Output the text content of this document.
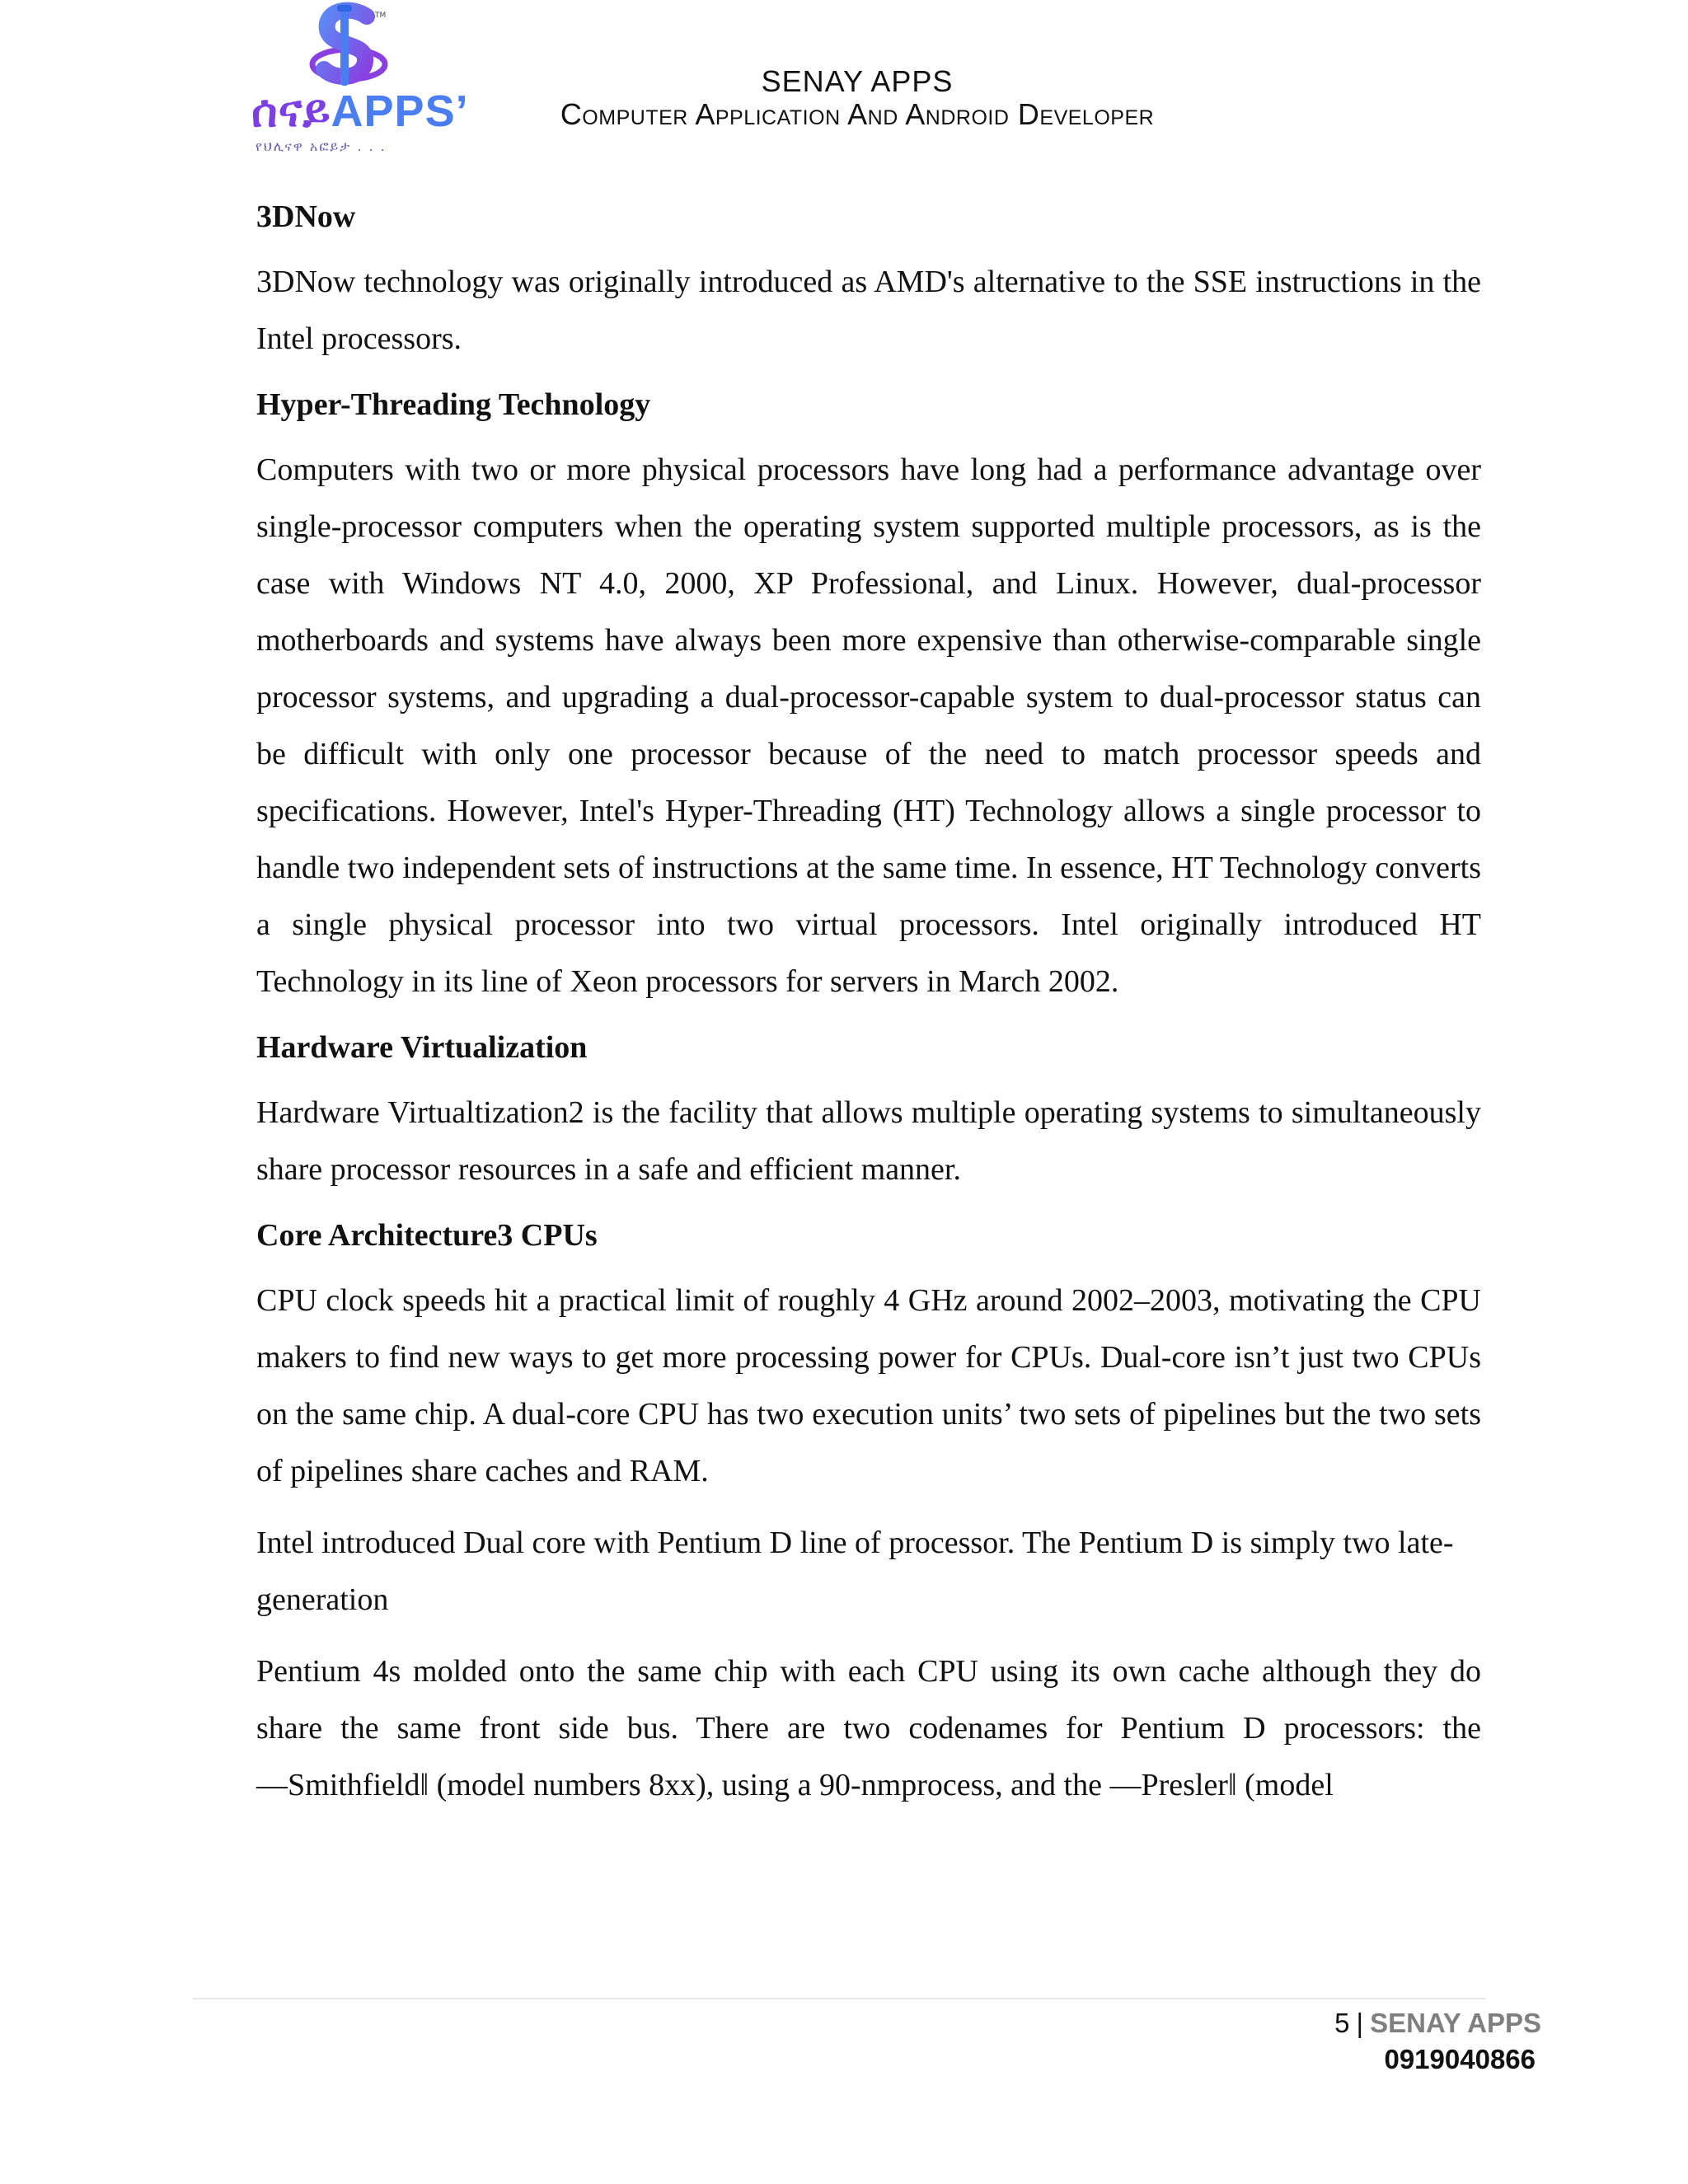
TM
ሰናይAPPS’
የህሊናዋ አፎይታ . . .
SENAY APPS
Computer Application And Android Developer
3DNow

3DNow technology was originally introduced as AMD's alternative to the SSE instructions in the Intel processors.

Hyper-Threading Technology

Computers with two or more physical processors have long had a performance advantage over single-processor computers when the operating system supported multiple processors, as is the case with Windows NT 4.0, 2000, XP Professional, and Linux. However, dual-processor motherboards and systems have always been more expensive than otherwise-comparable single processor systems, and upgrading a dual-processor-capable system to dual-processor status can be difficult with only one processor because of the need to match processor speeds and specifications. However, Intel's Hyper-Threading (HT) Technology allows a single processor to handle two independent sets of instructions at the same time. In essence, HT Technology converts a single physical processor into two virtual processors. Intel originally introduced HT Technology in its line of Xeon processors for servers in March 2002.

Hardware Virtualization

Hardware Virtualtization2 is the facility that allows multiple operating systems to simultaneously share processor resources in a safe and efficient manner.

Core Architecture3 CPUs

CPU clock speeds hit a practical limit of roughly 4 GHz around 2002–2003, motivating the CPU makers to find new ways to get more processing power for CPUs. Dual-core isn’t just two CPUs on the same chip. A dual-core CPU has two execution units’ two sets of pipelines but the two sets of pipelines share caches and RAM.

Intel introduced Dual core with Pentium D line of processor. The Pentium D is simply two late-generation

Pentium 4s molded onto the same chip with each CPU using its own cache although they do share the same front side bus. There are two codenames for Pentium D processors: the ―Smithfield‖ (model numbers 8xx), using a 90-nmprocess, and the ―Presler‖ (model

5 | SENAY APPS
0919040866
